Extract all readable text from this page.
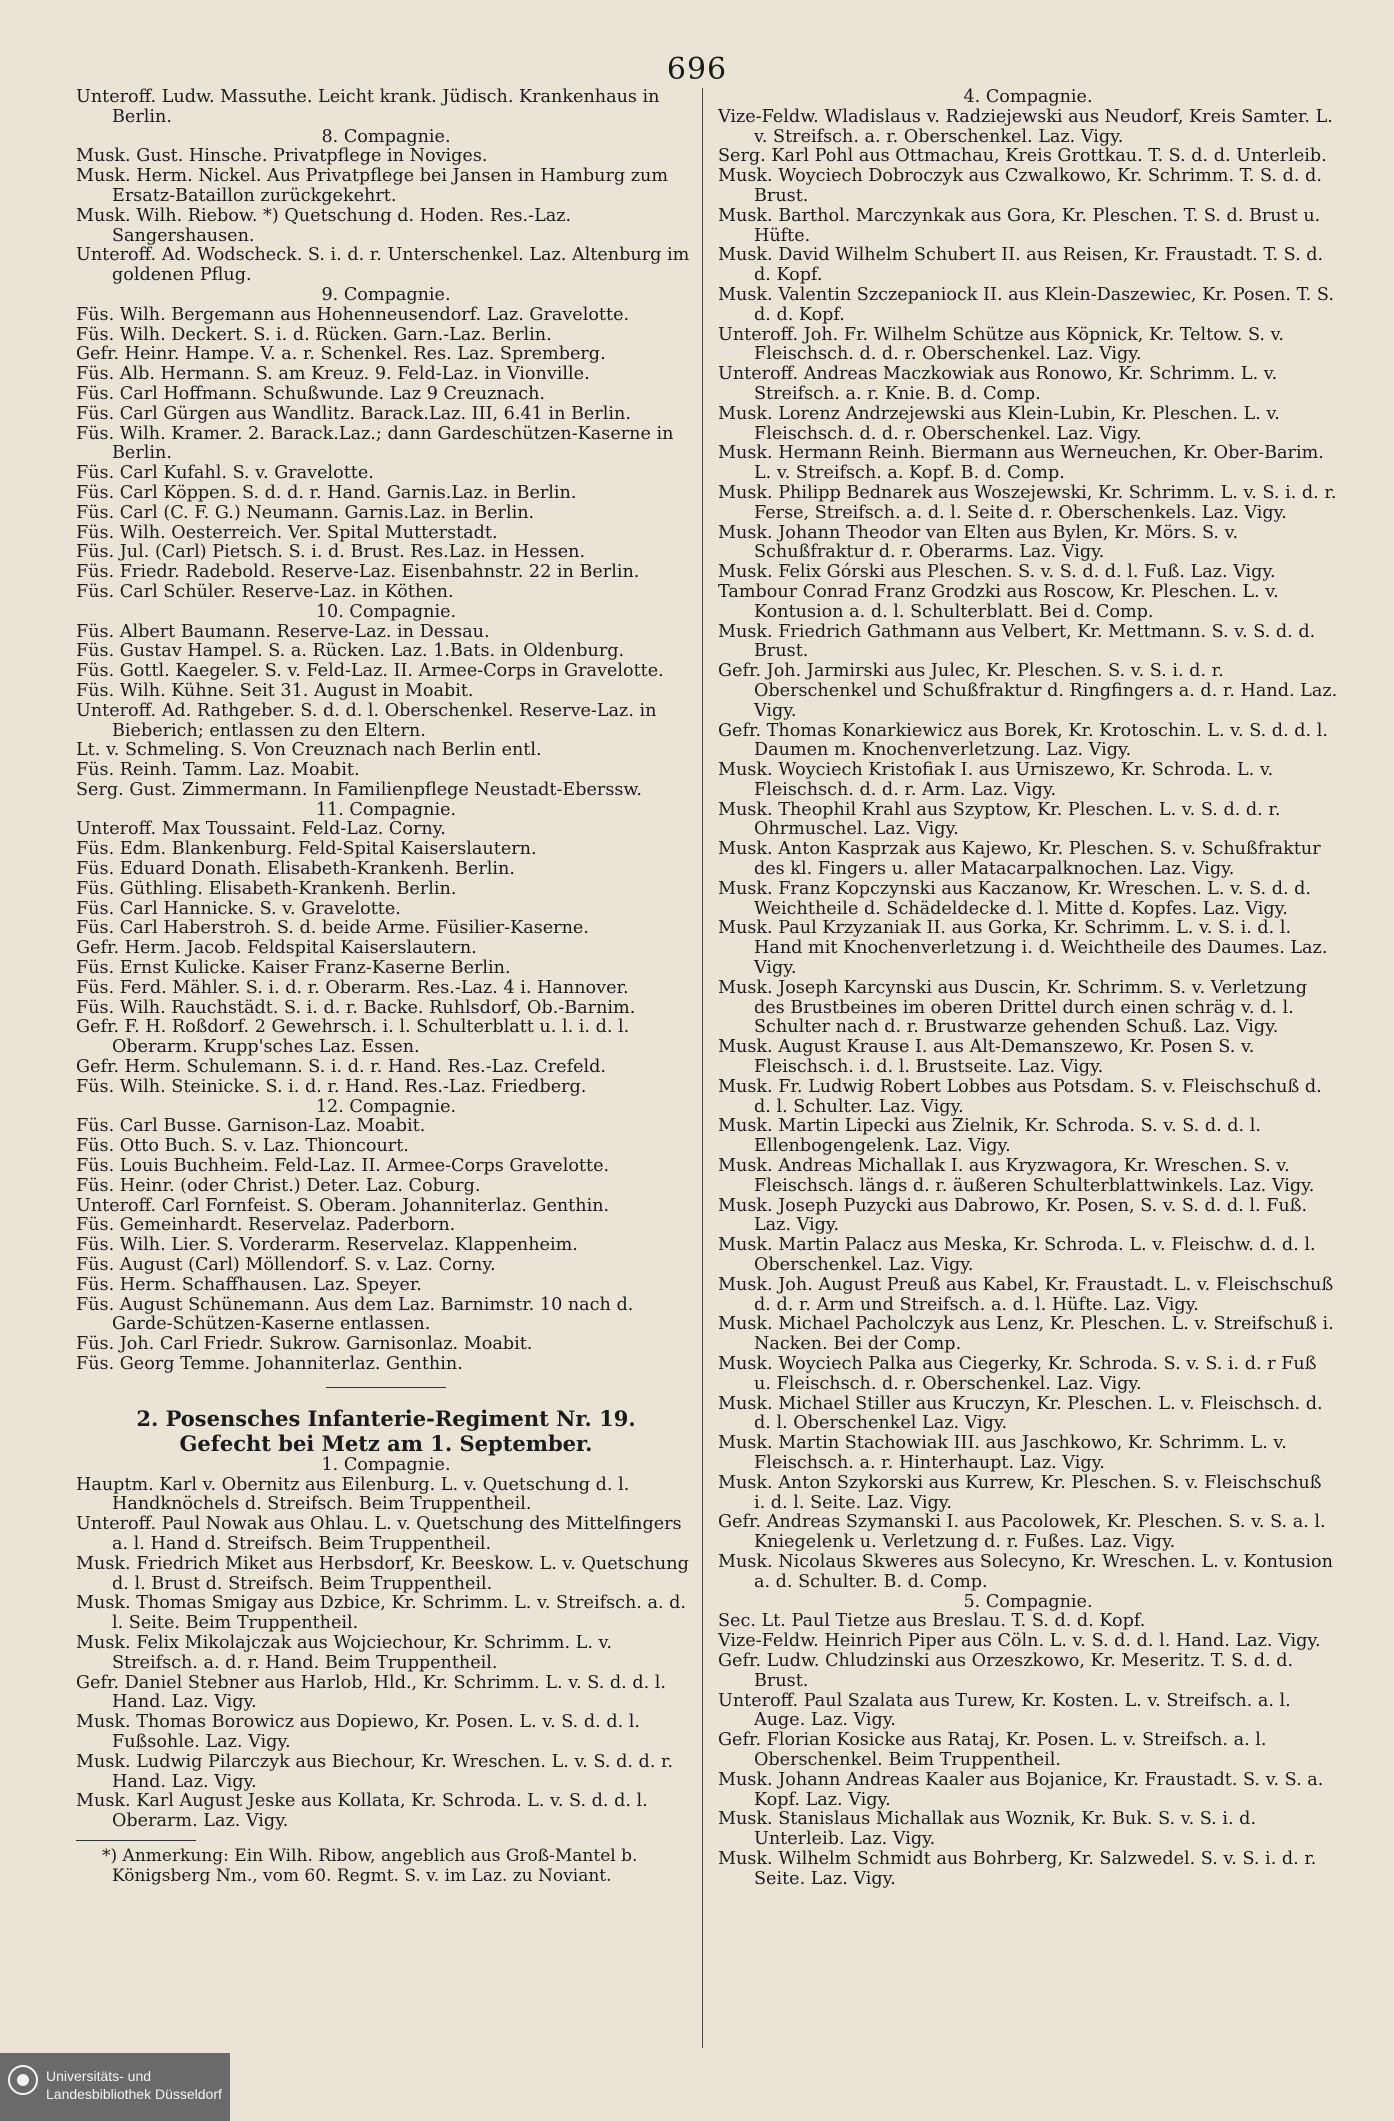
696

Unteroff. Ludw. Massuthe. Leicht krank. Jüdisch. Krankenhaus in Berlin.

8. Compagnie.

Musk. Gust. Hinsche. Privatpflege in Noviges.

Musk. Herm. Nickel. Aus Privatpflege bei Jansen in Hamburg zum Ersatz-Bataillon zurückgekehrt.

Musk. Wilh. Riebow. *) Quetschung d. Hoden. Res.-Laz. Sangershausen.

Unteroff. Ad. Wodscheck. S. i. d. r. Unterschenkel. Laz. Altenburg im goldenen Pflug.

9. Compagnie.

Füs. Wilh. Bergemann aus Hohenneusendorf. Laz. Gravelotte.

Füs. Wilh. Deckert. S. i. d. Rücken. Garn.-Laz. Berlin.

Gefr. Heinr. Hampe. V. a. r. Schenkel. Res. Laz. Spremberg.

Füs. Alb. Hermann. S. am Kreuz. 9. Feld-Laz. in Vionville.

Füs. Carl Hoffmann. Schußwunde. Laz 9 Creuznach.

Füs. Carl Gürgen aus Wandlitz. Barack.Laz. III, 6.41 in Berlin.

Füs. Wilh. Kramer. 2. Barack.Laz.; dann Gardeschützen-Kaserne in Berlin.

Füs. Carl Kufahl. S. v. Gravelotte.

Füs. Carl Köppen. S. d. d. r. Hand. Garnis.Laz. in Berlin.

Füs. Carl (C. F. G.) Neumann. Garnis.Laz. in Berlin.

Füs. Wilh. Oesterreich. Ver. Spital Mutterstadt.

Füs. Jul. (Carl) Pietsch. S. i. d. Brust. Res.Laz. in Hessen.

Füs. Friedr. Radebold. Reserve-Laz. Eisenbahnstr. 22 in Berlin.

Füs. Carl Schüler. Reserve-Laz. in Köthen.

10. Compagnie.

Füs. Albert Baumann. Reserve-Laz. in Dessau.

Füs. Gustav Hampel. S. a. Rücken. Laz. 1.Bats. in Oldenburg.

Füs. Gottl. Kaegeler. S. v. Feld-Laz. II. Armee-Corps in Gravelotte.

Füs. Wilh. Kühne. Seit 31. August in Moabit.

Unteroff. Ad. Rathgeber. S. d. d. l. Oberschenkel. Reserve-Laz. in Bieberich; entlassen zu den Eltern.

Lt. v. Schmeling. S. Von Creuznach nach Berlin entl.

Füs. Reinh. Tamm. Laz. Moabit.

Serg. Gust. Zimmermann. In Familienpflege Neustadt-Eberssw.

11. Compagnie.

Unteroff. Max Toussaint. Feld-Laz. Corny.

Füs. Edm. Blankenburg. Feld-Spital Kaiserslautern.

Füs. Eduard Donath. Elisabeth-Krankenh. Berlin.

Füs. Güthling. Elisabeth-Krankenh. Berlin.

Füs. Carl Hannicke. S. v. Gravelotte.

Füs. Carl Haberstroh. S. d. beide Arme. Füsilier-Kaserne.

Gefr. Herm. Jacob. Feldspital Kaiserslautern.

Füs. Ernst Kulicke. Kaiser Franz-Kaserne Berlin.

Füs. Ferd. Mähler. S. i. d. r. Oberarm. Res.-Laz. 4 i. Hannover.

Füs. Wilh. Rauchstädt. S. i. d. r. Backe. Ruhlsdorf, Ob.-Barnim.

Gefr. F. H. Roßdorf. 2 Gewehrsch. i. l. Schulterblatt u. l. i. d. l. Oberarm. Krupp'sches Laz. Essen.

Gefr. Herm. Schulemann. S. i. d. r. Hand. Res.-Laz. Crefeld.

Füs. Wilh. Steinicke. S. i. d. r. Hand. Res.-Laz. Friedberg.

12. Compagnie.

Füs. Carl Busse. Garnison-Laz. Moabit.

Füs. Otto Buch. S. v. Laz. Thioncourt.

Füs. Louis Buchheim. Feld-Laz. II. Armee-Corps Gravelotte.

Füs. Heinr. (oder Christ.) Deter. Laz. Coburg.

Unteroff. Carl Fornfeist. S. Oberam. Johanniterlaz. Genthin.

Füs. Gemeinhardt. Reservelaz. Paderborn.

Füs. Wilh. Lier. S. Vorderarm. Reservelaz. Klappenheim.

Füs. August (Carl) Möllendorf. S. v. Laz. Corny.

Füs. Herm. Schaffhausen. Laz. Speyer.

Füs. August Schünemann. Aus dem Laz. Barnimstr. 10 nach d. Garde-Schützen-Kaserne entlassen.

Füs. Joh. Carl Friedr. Sukrow. Garnisonlaz. Moabit.

Füs. Georg Temme. Johanniterlaz. Genthin.

2. Posensches Infanterie-Regiment Nr. 19.

Gefecht bei Metz am 1. September.

1. Compagnie.

Hauptm. Karl v. Obernitz aus Eilenburg. L. v. Quetschung d. l. Handknöchels d. Streifsch. Beim Truppentheil.

Unteroff. Paul Nowak aus Ohlau. L. v. Quetschung des Mittelfingers a. l. Hand d. Streifsch. Beim Truppentheil.

Musk. Friedrich Miket aus Herbsdorf, Kr. Beeskow. L. v. Quetschung d. l. Brust d. Streifsch. Beim Truppentheil.

Musk. Thomas Smigay aus Dzbice, Kr. Schrimm. L. v. Streifsch. a. d. l. Seite. Beim Truppentheil.

Musk. Felix Mikolajczak aus Wojciechour, Kr. Schrimm. L. v. Streifsch. a. d. r. Hand. Beim Truppentheil.

Gefr. Daniel Stebner aus Harlob, Hld., Kr. Schrimm. L. v. S. d. d. l. Hand. Laz. Vigy.

Musk. Thomas Borowicz aus Dopiewo, Kr. Posen. L. v. S. d. d. l. Fußsohle. Laz. Vigy.

Musk. Ludwig Pilarczyk aus Biechour, Kr. Wreschen. L. v. S. d. d. r. Hand. Laz. Vigy.

Musk. Karl August Jeske aus Kollata, Kr. Schroda. L. v. S. d. d. l. Oberarm. Laz. Vigy.

*) Anmerkung: Ein Wilh. Ribow, angeblich aus Groß-Mantel b. Königsberg Nm., vom 60. Regmt. S. v. im Laz. zu Noviant.

4. Compagnie.

Vize-Feldw. Wladislaus v. Radziejewski aus Neudorf, Kreis Samter. L. v. Streifsch. a. r. Oberschenkel. Laz. Vigy.

Serg. Karl Pohl aus Ottmachau, Kreis Grottkau. T. S. d. d. Unterleib.

Musk. Woyciech Dobroczyk aus Czwalkowo, Kr. Schrimm. T. S. d. d. Brust.

Musk. Barthol. Marczynkak aus Gora, Kr. Pleschen. T. S. d. Brust u. Hüfte.

Musk. David Wilhelm Schubert II. aus Reisen, Kr. Fraustadt. T. S. d. d. Kopf.

Musk. Valentin Szczepaniock II. aus Klein-Daszewiec, Kr. Posen. T. S. d. d. Kopf.

Unteroff. Joh. Fr. Wilhelm Schütze aus Köpnick, Kr. Teltow. S. v. Fleischsch. d. d. r. Oberschenkel. Laz. Vigy.

Unteroff. Andreas Maczkowiak aus Ronowo, Kr. Schrimm. L. v. Streifsch. a. r. Knie. B. d. Comp.

Musk. Lorenz Andrzejewski aus Klein-Lubin, Kr. Pleschen. L. v. Fleischsch. d. d. r. Oberschenkel. Laz. Vigy.

Musk. Hermann Reinh. Biermann aus Werneuchen, Kr. Ober-Barim. L. v. Streifsch. a. Kopf. B. d. Comp.

Musk. Philipp Bednarek aus Woszejewski, Kr. Schrimm. L. v. S. i. d. r. Ferse, Streifsch. a. d. l. Seite d. r. Oberschenkels. Laz. Vigy.

Musk. Johann Theodor van Elten aus Bylen, Kr. Mörs. S. v. Schußfraktur d. r. Oberarms. Laz. Vigy.

Musk. Felix Górski aus Pleschen. S. v. S. d. d. l. Fuß. Laz. Vigy.

Tambour Conrad Franz Grodzki aus Roscow, Kr. Pleschen. L. v. Kontusion a. d. l. Schulterblatt. Bei d. Comp.

Musk. Friedrich Gathmann aus Velbert, Kr. Mettmann. S. v. S. d. d. Brust.

Gefr. Joh. Jarmirski aus Julec, Kr. Pleschen. S. v. S. i. d. r. Oberschenkel und Schußfraktur d. Ringfingers a. d. r. Hand. Laz. Vigy.

Gefr. Thomas Konarkiewicz aus Borek, Kr. Krotoschin. L. v. S. d. d. l. Daumen m. Knochenverletzung. Laz. Vigy.

Musk. Woyciech Kristofiak I. aus Urniszewo, Kr. Schroda. L. v. Fleischsch. d. d. r. Arm. Laz. Vigy.

Musk. Theophil Krahl aus Szyptow, Kr. Pleschen. L. v. S. d. d. r. Ohrmuschel. Laz. Vigy.

Musk. Anton Kasprzak aus Kajewo, Kr. Pleschen. S. v. Schußfraktur des kl. Fingers u. aller Matacarpalknochen. Laz. Vigy.

Musk. Franz Kopczynski aus Kaczanow, Kr. Wreschen. L. v. S. d. d. Weichtheile d. Schädeldecke d. l. Mitte d. Kopfes. Laz. Vigy.

Musk. Paul Krzyzaniak II. aus Gorka, Kr. Schrimm. L. v. S. i. d. l. Hand mit Knochenverletzung i. d. Weichtheile des Daumes. Laz. Vigy.

Musk. Joseph Karcynski aus Duscin, Kr. Schrimm. S. v. Verletzung des Brustbeines im oberen Drittel durch einen schräg v. d. l. Schulter nach d. r. Brustwarze gehenden Schuß. Laz. Vigy.

Musk. August Krause I. aus Alt-Demanszewo, Kr. Posen S. v. Fleischsch. i. d. l. Brustseite. Laz. Vigy.

Musk. Fr. Ludwig Robert Lobbes aus Potsdam. S. v. Fleischschuß d. d. l. Schulter. Laz. Vigy.

Musk. Martin Lipecki aus Zielnik, Kr. Schroda. S. v. S. d. d. l. Ellenbogengelenk. Laz. Vigy.

Musk. Andreas Michallak I. aus Kryzwagora, Kr. Wreschen. S. v. Fleischsch. längs d. r. äußeren Schulterblattwinkels. Laz. Vigy.

Musk. Joseph Puzycki aus Dabrowo, Kr. Posen, S. v. S. d. d. l. Fuß. Laz. Vigy.

Musk. Martin Palacz aus Meska, Kr. Schroda. L. v. Fleischw. d. d. l. Oberschenkel. Laz. Vigy.

Musk. Joh. August Preuß aus Kabel, Kr. Fraustadt. L. v. Fleischschuß d. d. r. Arm und Streifsch. a. d. l. Hüfte. Laz. Vigy.

Musk. Michael Pacholczyk aus Lenz, Kr. Pleschen. L. v. Streifschuß i. Nacken. Bei der Comp.

Musk. Woyciech Palka aus Ciegerky, Kr. Schroda. S. v. S. i. d. r Fuß u. Fleischsch. d. r. Oberschenkel. Laz. Vigy.

Musk. Michael Stiller aus Kruczyn, Kr. Pleschen. L. v. Fleischsch. d. d. l. Oberschenkel Laz. Vigy.

Musk. Martin Stachowiak III. aus Jaschkowo, Kr. Schrimm. L. v. Fleischsch. a. r. Hinterhaupt. Laz. Vigy.

Musk. Anton Szykorski aus Kurrew, Kr. Pleschen. S. v. Fleischschuß i. d. l. Seite. Laz. Vigy.

Gefr. Andreas Szymanski I. aus Pacolowek, Kr. Pleschen. S. v. S. a. l. Kniegelenk u. Verletzung d. r. Fußes. Laz. Vigy.

Musk. Nicolaus Skweres aus Solecyno, Kr. Wreschen. L. v. Kontusion a. d. Schulter. B. d. Comp.

5. Compagnie.

Sec. Lt. Paul Tietze aus Breslau. T. S. d. d. Kopf.

Vize-Feldw. Heinrich Piper aus Cöln. L. v. S. d. d. l. Hand. Laz. Vigy.

Gefr. Ludw. Chludzinski aus Orzeszkowo, Kr. Meseritz. T. S. d. d. Brust.

Unteroff. Paul Szalata aus Turew, Kr. Kosten. L. v. Streifsch. a. l. Auge. Laz. Vigy.

Gefr. Florian Kosicke aus Rataj, Kr. Posen. L. v. Streifsch. a. l. Oberschenkel. Beim Truppentheil.

Musk. Johann Andreas Kaaler aus Bojanice, Kr. Fraustadt. S. v. S. a. Kopf. Laz. Vigy.

Musk. Stanislaus Michallak aus Woznik, Kr. Buk. S. v. S. i. d. Unterleib. Laz. Vigy.

Musk. Wilhelm Schmidt aus Bohrberg, Kr. Salzwedel. S. v. S. i. d. r. Seite. Laz. Vigy.

Universitäts- und
Landesbibliothek Düsseldorf
